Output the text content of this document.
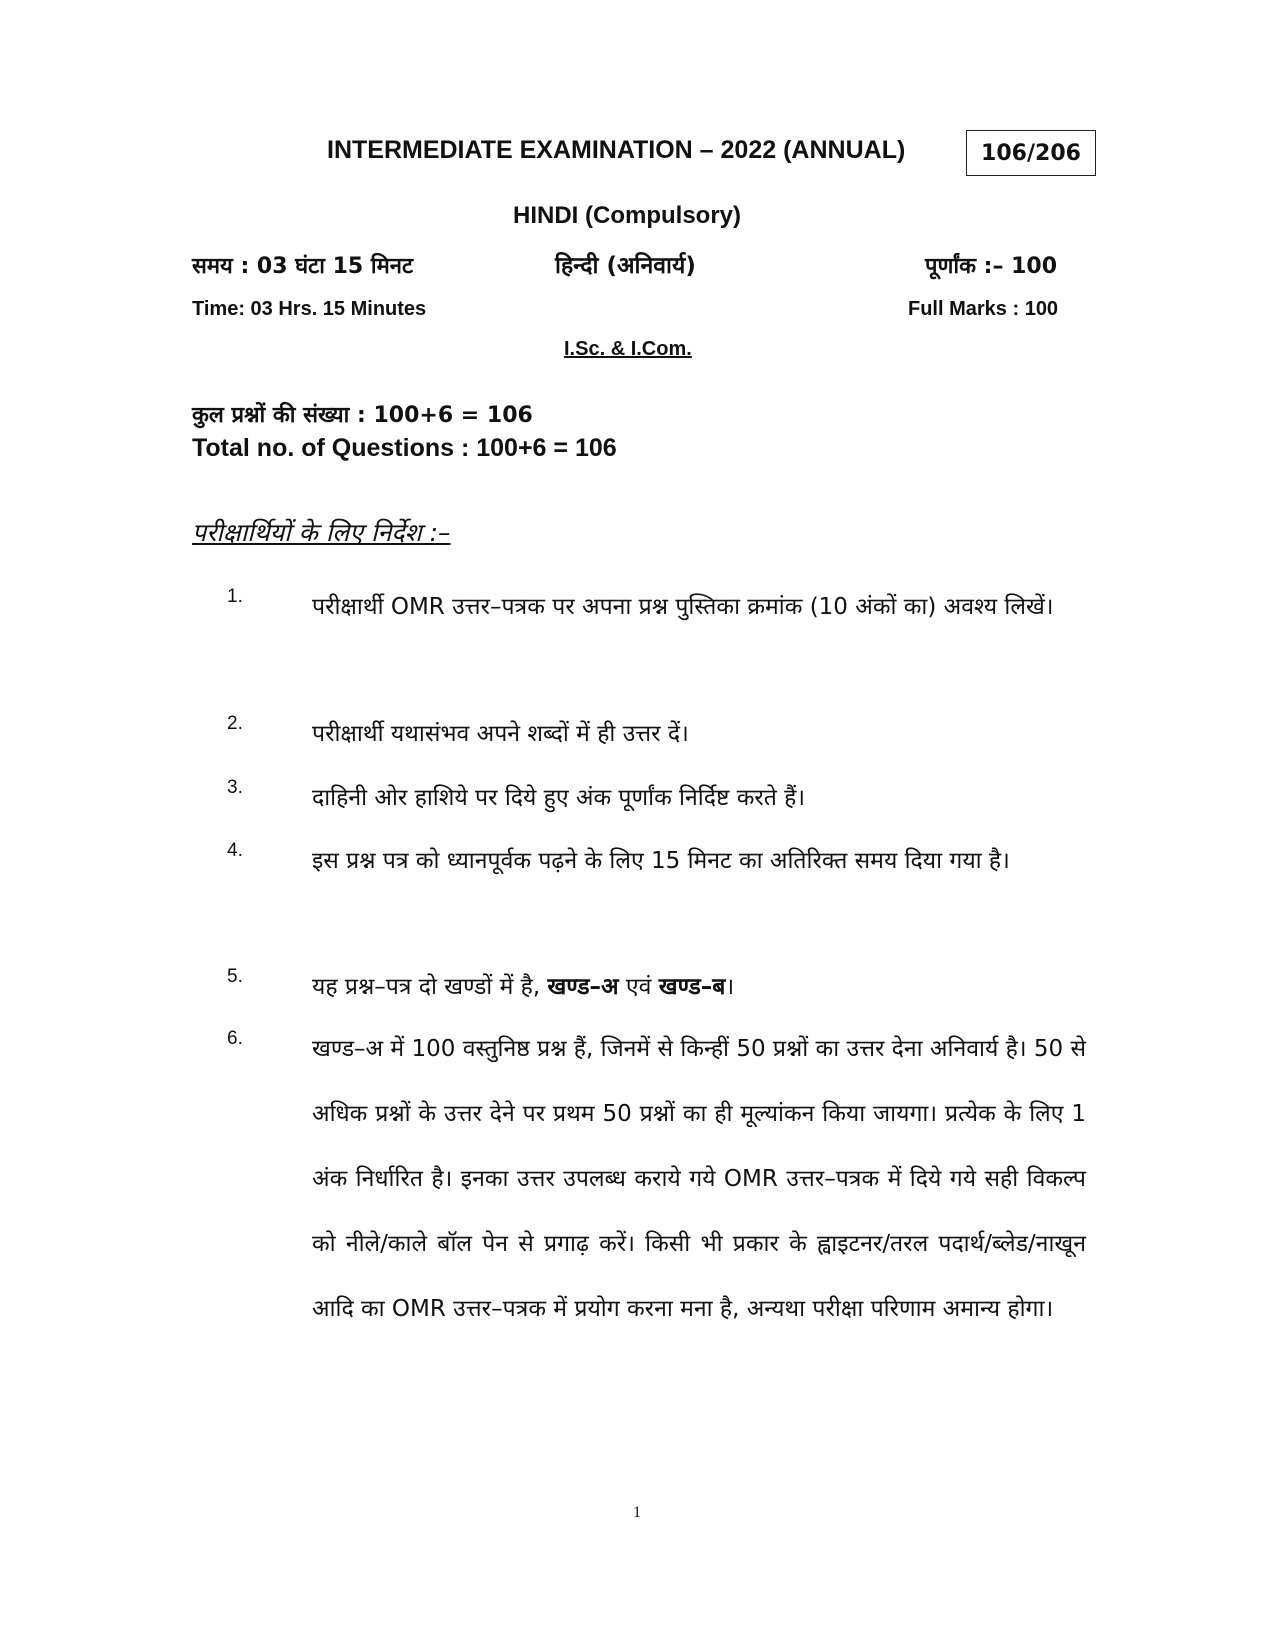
INTERMEDIATE EXAMINATION – 2022 (ANNUAL)	106/206
HINDI (Compulsory)
समय : 03 घंटा 15 मिनट	हिन्दी (अनिवार्य)	पूर्णांक :– 100
Time: 03 Hrs. 15 Minutes	Full Marks : 100
I.Sc. & I.Com.
कुल प्रश्नों की संख्या : 100+6 = 106
Total no. of Questions : 100+6 = 106
परीक्षार्थियों के लिए निर्देश :–
1.	परीक्षार्थी OMR उत्तर–पत्रक पर अपना प्रश्न पुस्तिका क्रमांक (10 अंकों का) अवश्य लिखें।
2.	परीक्षार्थी यथासंभव अपने शब्दों में ही उत्तर दें।
3.	दाहिनी ओर हाशिये पर दिये हुए अंक पूर्णांक निर्दिष्ट करते हैं।
4.	इस प्रश्न पत्र को ध्यानपूर्वक पढ़ने के लिए 15 मिनट का अतिरिक्त समय दिया गया है।
5.	यह प्रश्न–पत्र दो खण्डों में है, खण्ड–अ एवं खण्ड–ब।
6.	खण्ड–अ में 100 वस्तुनिष्ठ प्रश्न हैं, जिनमें से किन्हीं 50 प्रश्नों का उत्तर देना अनिवार्य है। 50 से अधिक प्रश्नों के उत्तर देने पर प्रथम 50 प्रश्नों का ही मूल्यांकन किया जायगा। प्रत्येक के लिए 1 अंक निर्धारित है। इनका उत्तर उपलब्ध कराये गये OMR उत्तर–पत्रक में दिये गये सही विकल्प को नीले/काले बॉल पेन से प्रगाढ़ करें। किसी भी प्रकार के ह्वाइटनर/तरल पदार्थ/ब्लेड/नाखून आदि का OMR उत्तर–पत्रक में प्रयोग करना मना है, अन्यथा परीक्षा परिणाम अमान्य होगा।
1
